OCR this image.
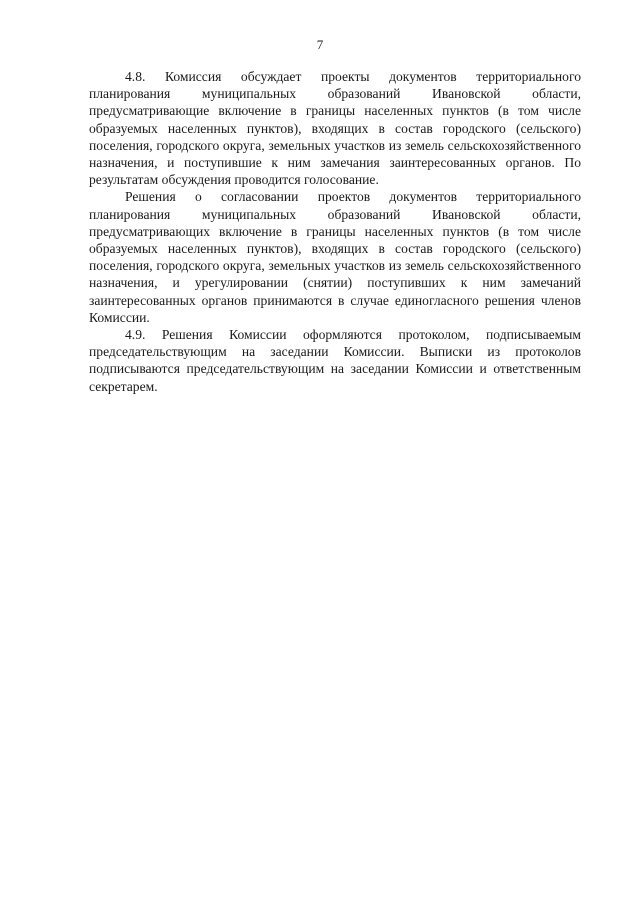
7

4.8. Комиссия обсуждает проекты документов территориального планирования муниципальных образований Ивановской области, предусматривающие включение в границы населенных пунктов (в том числе образуемых населенных пунктов), входящих в состав городского (сельского) поселения, городского округа, земельных участков из земель сельскохозяйственного назначения, и поступившие к ним замечания заинтересованных органов. По результатам обсуждения проводится голосование.

Решения о согласовании проектов документов территориального планирования муниципальных образований Ивановской области, предусматривающих включение в границы населенных пунктов (в том числе образуемых населенных пунктов), входящих в состав городского (сельского) поселения, городского округа, земельных участков из земель сельскохозяйственного назначения, и урегулировании (снятии) поступивших к ним замечаний заинтересованных органов принимаются в случае единогласного решения членов Комиссии.

4.9. Решения Комиссии оформляются протоколом, подписываемым председательствующим на заседании Комиссии. Выписки из протоколов подписываются председательствующим на заседании Комиссии и ответственным секретарем.
